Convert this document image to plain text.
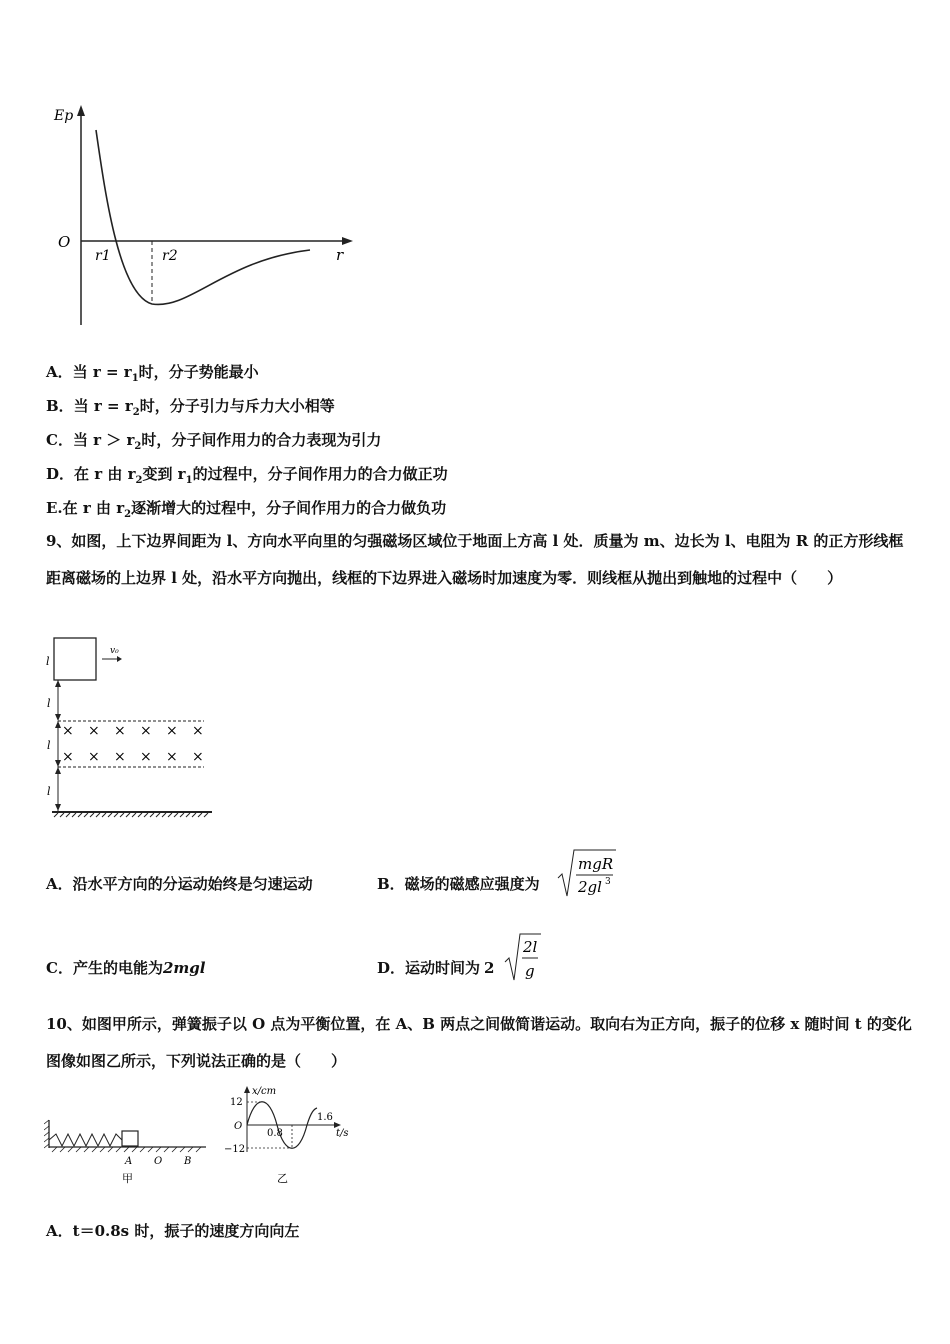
Ep
O
r
r1	r2
A．当 $r = r_1$时，分子势能最小
B．当 $r = r_2$时，分子引力与斥力大小相等
C．当 $r > r_2$时，分子间作用力的合力表现为引力
D．在 r 由 $r_2$变到 $r_1$的过程中，分子间作用力的合力做正功
E.在 r 由 $r_2$逐渐增大的过程中，分子间作用力的合力做负功
9、如图，上下边界间距为 l、方向水平向里的匀强磁场区域位于地面上方高 l 处．质量为 m、边长为 l、电阻为 R 的正方形线框距离磁场的上边界 l 处，沿水平方向抛出，线框的下边界进入磁场时加速度为零．则线框从抛出到触地的过程中（　　）
l
v₀
l
l
× × × × × ×
× × × × × ×
l
A．沿水平方向的分运动始终是匀速运动	B．磁场的磁感应强度为
mgR
2gl 3
C．产生的电能为2mgl	D．运动时间为 2
2l
g
10、如图甲所示，弹簧振子以 O 点为平衡位置，在 A、B 两点之间做简谐运动。取向右为正方向，振子的位移 x 随时间 t 的变化图像如图乙所示，下列说法正确的是（　　）
A O B
甲
x/cm
12
O
−12
0.8
1.6
t/s
乙
A．t＝0.8s 时，振子的速度方向向左
